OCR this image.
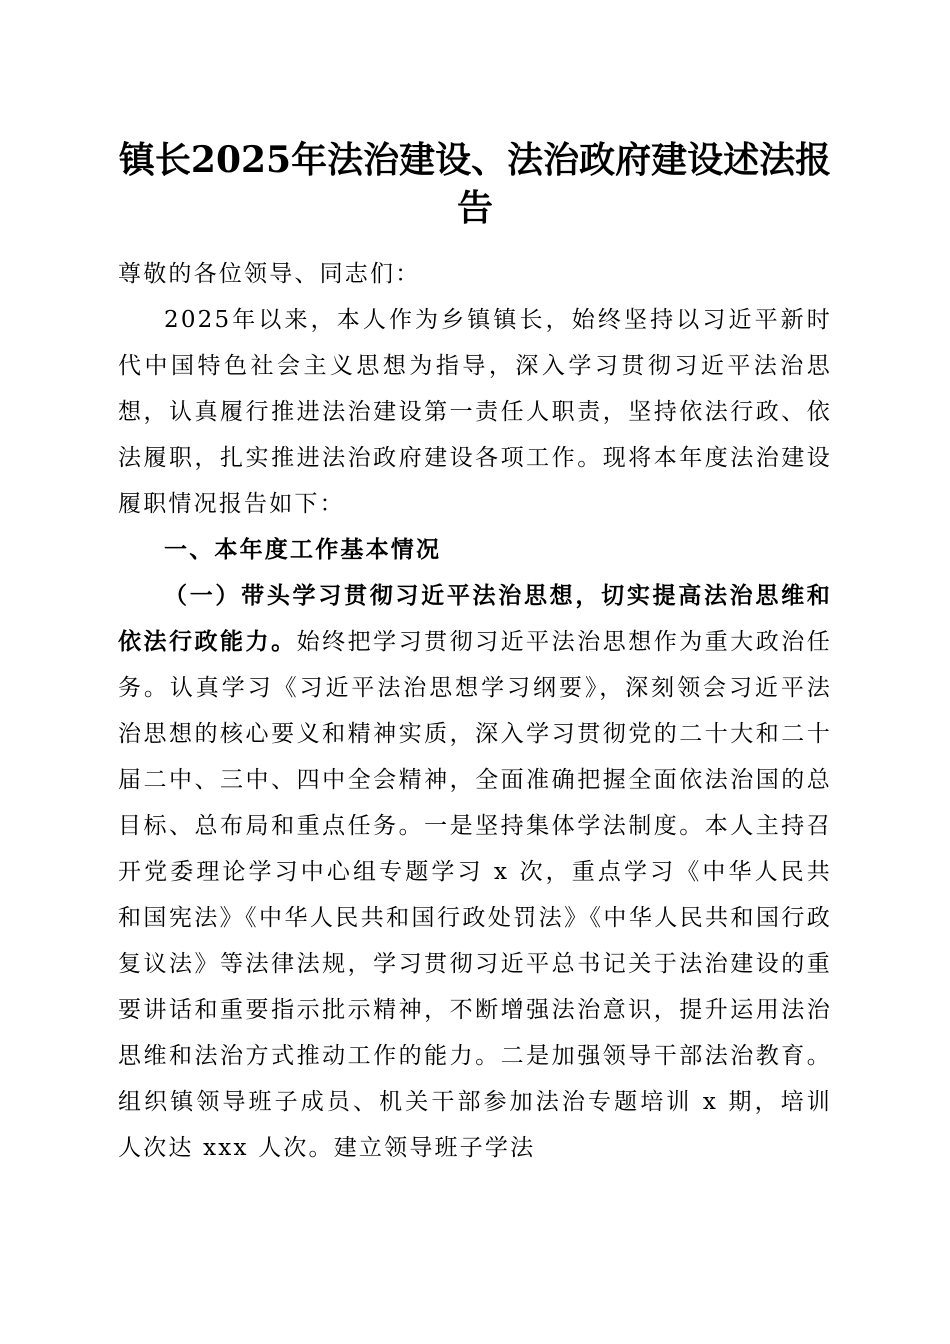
镇长2025年法治建设、法治政府建设述法报告

尊敬的各位领导、同志们：

2025年以来，本人作为乡镇镇长，始终坚持以习近平新时代中国特色社会主义思想为指导，深入学习贯彻习近平法治思想，认真履行推进法治建设第一责任人职责，坚持依法行政、依法履职，扎实推进法治政府建设各项工作。现将本年度法治建设履职情况报告如下：

一、本年度工作基本情况

（一）带头学习贯彻习近平法治思想，切实提高法治思维和依法行政能力。始终把学习贯彻习近平法治思想作为重大政治任务。认真学习《习近平法治思想学习纲要》，深刻领会习近平法治思想的核心要义和精神实质，深入学习贯彻党的二十大和二十届二中、三中、四中全会精神，全面准确把握全面依法治国的总目标、总布局和重点任务。一是坚持集体学法制度。本人主持召开党委理论学习中心组专题学习 x 次，重点学习《中华人民共和国宪法》《中华人民共和国行政处罚法》《中华人民共和国行政复议法》等法律法规，学习贯彻习近平总书记关于法治建设的重要讲话和重要指示批示精神，不断增强法治意识，提升运用法治思维和法治方式推动工作的能力。二是加强领导干部法治教育。组织镇领导班子成员、机关干部参加法治专题培训 x 期，培训人次达 xxx 人次。建立领导班子学法
